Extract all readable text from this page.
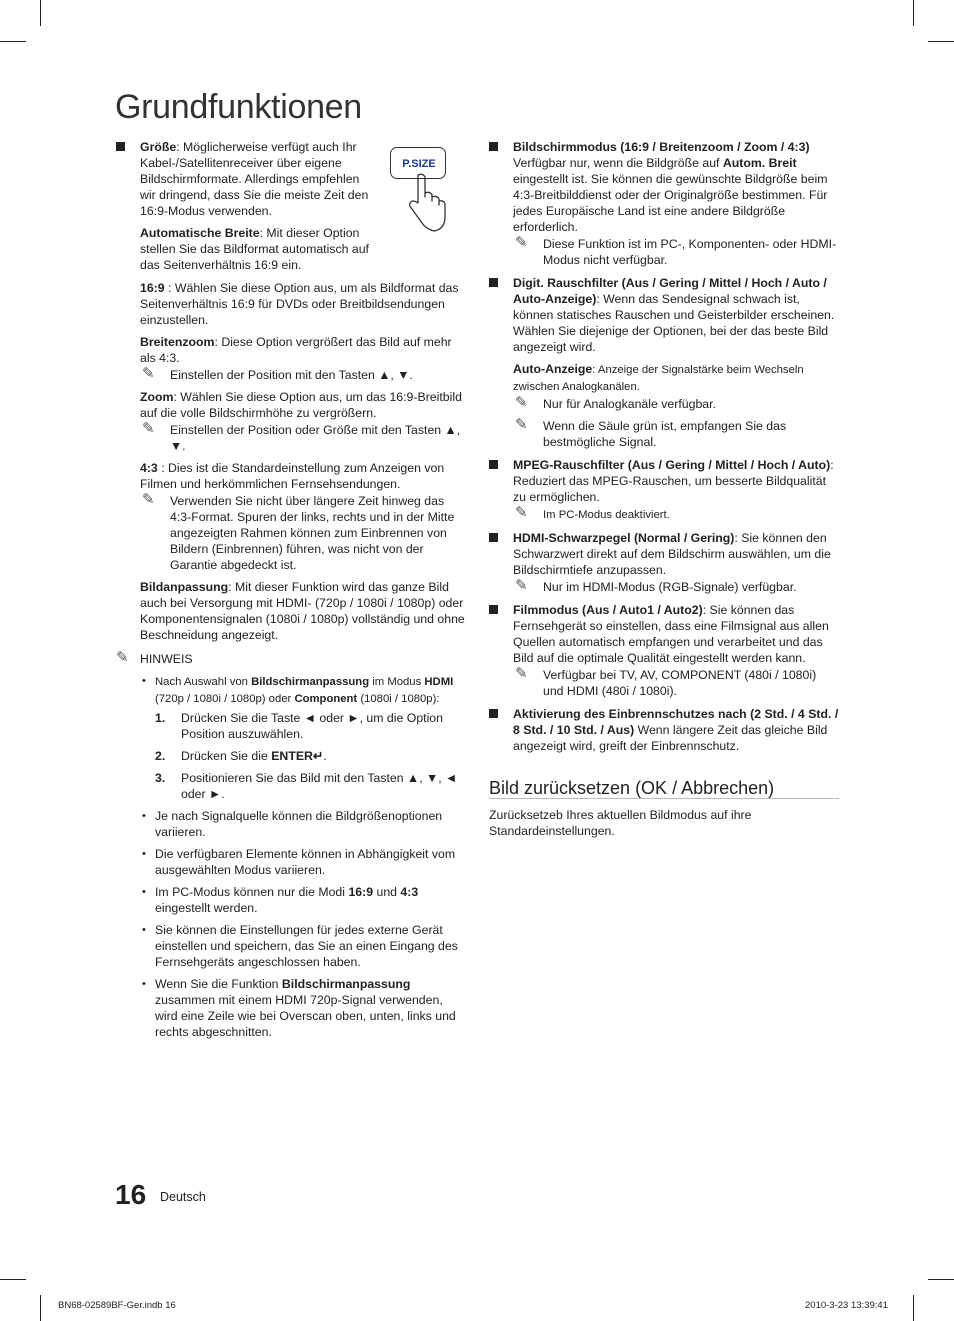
Grundfunktionen
P.SIZE

Größe: Möglicherweise verfügt auch Ihr Kabel-/Satellitenreceiver über eigene Bildschirmformate. Allerdings empfehlen wir dringend, dass Sie die meiste Zeit den 16:9-Modus verwenden.

Automatische Breite: Mit dieser Option stellen Sie das Bildformat automatisch auf das Seitenverhältnis 16:9 ein.

16:9 : Wählen Sie diese Option aus, um als Bildformat das Seitenverhältnis 16:9 für DVDs oder Breitbildsendungen einzustellen.

Breitenzoom: Diese Option vergrößert das Bild auf mehr als 4:3.

✎ Einstellen der Position mit den Tasten ▲, ▼.

Zoom: Wählen Sie diese Option aus, um das 16:9-Breitbild auf die volle Bildschirmhöhe zu vergrößern.

✎ Einstellen der Position oder Größe mit den Tasten ▲, ▼.

4:3 : Dies ist die Standardeinstellung zum Anzeigen von Filmen und herkömmlichen Fernsehsendungen.

✎ Verwenden Sie nicht über längere Zeit hinweg das 4:3-Format. Spuren der links, rechts und in der Mitte angezeigten Rahmen können zum Einbrennen von Bildern (Einbrennen) führen, was nicht von der Garantie abgedeckt ist.

Bildanpassung: Mit dieser Funktion wird das ganze Bild auch bei Versorgung mit HDMI- (720p / 1080i / 1080p) oder Komponentensignalen (1080i / 1080p) vollständig und ohne Beschneidung angezeigt.

✎ HINWEIS
• Nach Auswahl von Bildschirmanpassung im Modus HDMI (720p / 1080i / 1080p) oder Component (1080i / 1080p):
1. Drücken Sie die Taste ◄ oder ►, um die Option Position auszuwählen.
2. Drücken Sie die ENTER↵.
3. Positionieren Sie das Bild mit den Tasten ▲, ▼, ◄ oder ►.
• Je nach Signalquelle können die Bildgrößenoptionen variieren.
• Die verfügbaren Elemente können in Abhängigkeit vom ausgewählten Modus variieren.
• Im PC-Modus können nur die Modi 16:9 und 4:3 eingestellt werden.
• Sie können die Einstellungen für jedes externe Gerät einstellen und speichern, das Sie an einen Eingang des Fernsehgeräts angeschlossen haben.
• Wenn Sie die Funktion Bildschirmanpassung zusammen mit einem HDMI 720p-Signal verwenden, wird eine Zeile wie bei Overscan oben, unten, links und rechts abgeschnitten.

Bildschirmmodus (16:9 / Breitenzoom / Zoom / 4:3)
Verfügbar nur, wenn die Bildgröße auf Autom. Breit eingestellt ist. Sie können die gewünschte Bildgröße beim 4:3-Breitbilddienst oder der Originalgröße bestimmen. Für jedes Europäische Land ist eine andere Bildgröße erforderlich.

✎ Diese Funktion ist im PC-, Komponenten- oder HDMI-Modus nicht verfügbar.

Digit. Rauschfilter (Aus / Gering / Mittel / Hoch / Auto / Auto-Anzeige): Wenn das Sendesignal schwach ist, können statisches Rauschen und Geisterbilder erscheinen. Wählen Sie diejenige der Optionen, bei der das beste Bild angezeigt wird.

Auto-Anzeige: Anzeige der Signalstärke beim Wechseln zwischen Analogkanälen.

✎ Nur für Analogkanäle verfügbar.
✎ Wenn die Säule grün ist, empfangen Sie das bestmögliche Signal.

MPEG-Rauschfilter (Aus / Gering / Mittel / Hoch / Auto): Reduziert das MPEG-Rauschen, um besserte Bildqualität zu ermöglichen.

✎ Im PC-Modus deaktiviert.

HDMI-Schwarzpegel (Normal / Gering): Sie können den Schwarzwert direkt auf dem Bildschirm auswählen, um die Bildschirmtiefe anzupassen.

✎ Nur im HDMI-Modus (RGB-Signale) verfügbar.

Filmmodus (Aus / Auto1 / Auto2): Sie können das Fernsehgerät so einstellen, dass eine Filmsignal aus allen Quellen automatisch empfangen und verarbeitet und das Bild auf die optimale Qualität eingestellt werden kann.

✎ Verfügbar bei TV, AV, COMPONENT (480i / 1080i) und HDMI (480i / 1080i).

Aktivierung des Einbrennschutzes nach (2 Std. / 4 Std. / 8 Std. / 10 Std. / Aus) Wenn längere Zeit das gleiche Bild angezeigt wird, greift der Einbrennschutz.

Bild zurücksetzen (OK / Abbrechen)

Zurücksetzeb Ihres aktuellen Bildmodus auf ihre Standardeinstellungen.

16 Deutsch
BN68-02589BF-Ger.indb 16	2010-3-23 13:39:41
